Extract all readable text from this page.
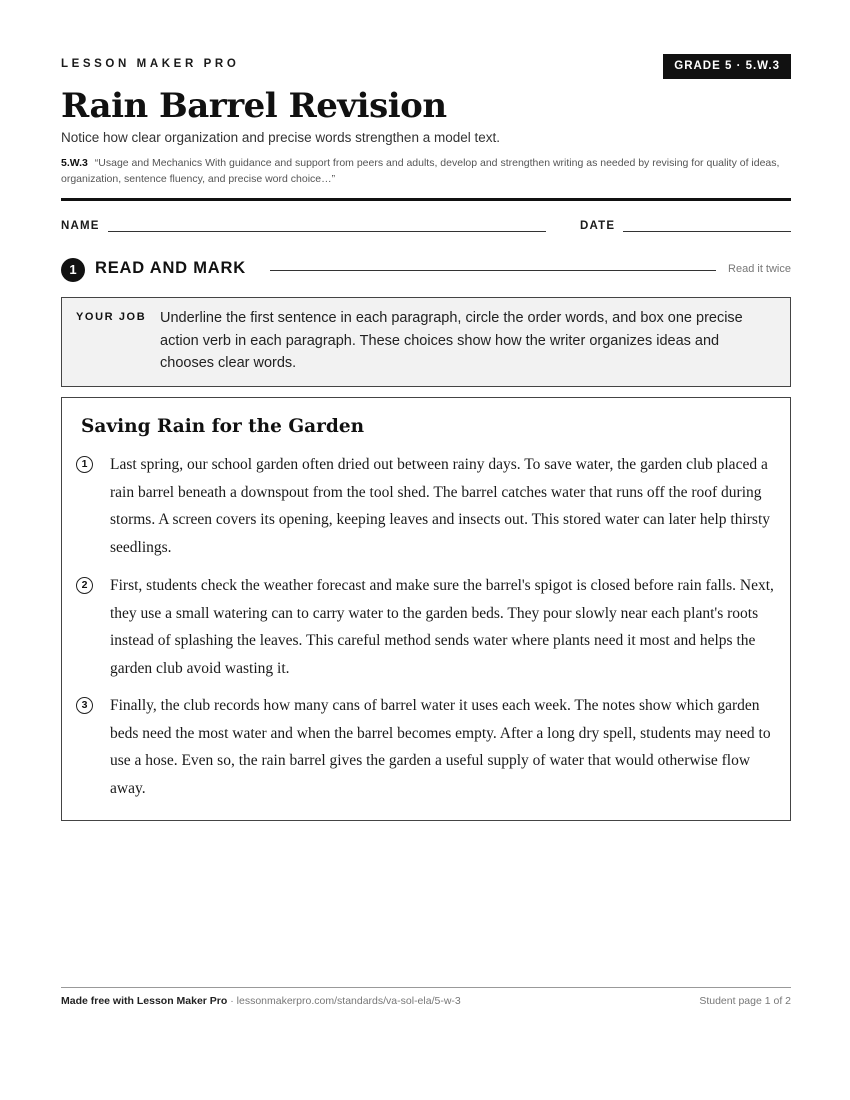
LESSON MAKER PRO	GRADE 5 · 5.W.3
Rain Barrel Revision
Notice how clear organization and precise words strengthen a model text.
5.W.3 “Usage and Mechanics With guidance and support from peers and adults, develop and strengthen writing as needed by revising for quality of ideas, organization, sentence fluency, and precise word choice…”
NAME	DATE
1	READ AND MARK	Read it twice
YOUR JOB Underline the first sentence in each paragraph, circle the order words, and box one precise action verb in each paragraph. These choices show how the writer organizes ideas and chooses clear words.
Saving Rain for the Garden
1	Last spring, our school garden often dried out between rainy days. To save water, the garden club placed a rain barrel beneath a downspout from the tool shed. The barrel catches water that runs off the roof during storms. A screen covers its opening, keeping leaves and insects out. This stored water can later help thirsty seedlings.
2	First, students check the weather forecast and make sure the barrel's spigot is closed before rain falls. Next, they use a small watering can to carry water to the garden beds. They pour slowly near each plant's roots instead of splashing the leaves. This careful method sends water where plants need it most and helps the garden club avoid wasting it.
3	Finally, the club records how many cans of barrel water it uses each week. The notes show which garden beds need the most water and when the barrel becomes empty. After a long dry spell, students may need to use a hose. Even so, the rain barrel gives the garden a useful supply of water that would otherwise flow away.
Made free with Lesson Maker Pro · lessonmakerpro.com/standards/va-sol-ela/5-w-3	Student page 1 of 2
